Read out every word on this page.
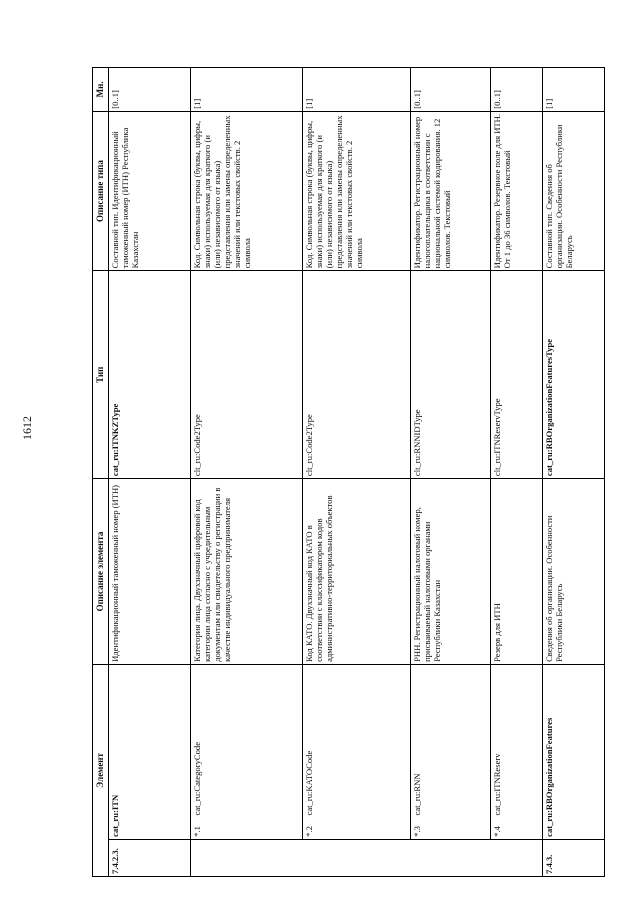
1612
Элемент			Описание элемента	Тип	Описание типа	Мн.
7.4.2.3.	cat_ru:ITN		Идентификационный таможенный номер (ИТН)	cat_ru:ITNKZType	Составной тип. Идентификационный таможенный номер (ИТН) Республика Казахстан	[0..1]
	*.1	cat_ru:CategoryCode	Категория лица. Двухзначный цифровой код категории лица согласно с учредительным документам или свидетельству о регистрации в качестве индивидуального предпринимателя	clt_ru:Code2Type	Код. Символьная строка (буквы, цифры, знаки) используемая для краткого (и (или) независимого от языка) представления или замены определенных значений или текстовых свойств. 2 символа	[1]
	*.2	cat_ru:KATOCode	Код КАТО. Двухзначный код КАТО в соответствии с классификатором кодов административно-территориальных объектов	clt_ru:Code2Type	Код. Символьная строка (буквы, цифры, знаки) используемая для краткого (и (или) независимого от языка) представления или замены определенных значений или текстовых свойств. 2 символа	[1]
	*.3	cat_ru:RNN	РНН. Регистрационный налоговый номер, присваиваемый налоговыми органами Республики Казахстан	clt_ru:RNNIDType	Идентификатор. Регистрационный номер налогоплательщика в соответствии с национальной системой кодирования. 12 символов. Текстовый	[0..1]
	*.4	cat_ru:ITNReserv	Резерв для ИТН	clt_ru:ITNReservType	Идентификатор. Резервное поле для ИТН. От 1 до 36 символов. Текстовый	[0..1]
7.4.3.	cat_ru:RBOrganizationFeatures		Сведения об организации. Особенности Республики Беларусь	cat_ru:RBOrganizationFeaturesType	Составной тип. Сведения об организации. Особенности Республики Беларусь	[1]
